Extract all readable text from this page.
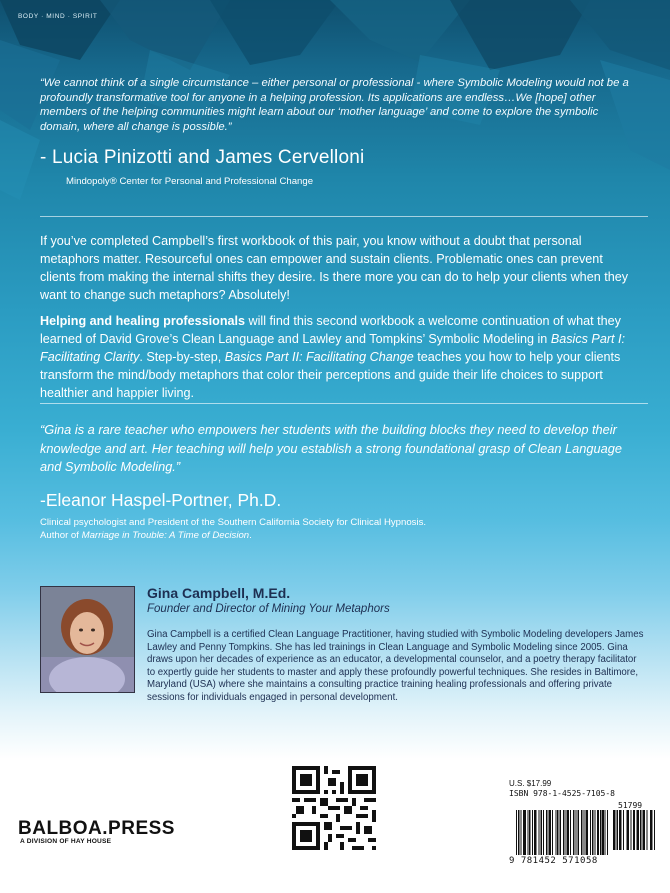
BODY · MIND · SPIRIT
“We cannot think of a single circumstance – either personal or professional - where Symbolic Modeling would not be a profoundly transformative tool for anyone in a helping profession. Its applications are endless…We [hope] other members of the helping communities might learn about our ‘mother language’ and come to explore the symbolic domain, where all change is possible.”
- Lucia Pinizotti and James Cervelloni
Mindopoly® Center for Personal and Professional Change
If you’ve completed Campbell’s first workbook of this pair, you know without a doubt that personal metaphors matter. Resourceful ones can empower and sustain clients. Problematic ones can prevent clients from making the internal shifts they desire. Is there more you can do to help your clients when they want to change such metaphors? Absolutely!
Helping and healing professionals will find this second workbook a welcome continuation of what they learned of David Grove’s Clean Language and Lawley and Tompkins’ Symbolic Modeling in Basics Part I: Facilitating Clarity. Step-by-step, Basics Part II: Facilitating Change teaches you how to help your clients transform the mind/body metaphors that color their perceptions and guide their life choices to support healthier and happier living.
“Gina is a rare teacher who empowers her students with the building blocks they need to develop their knowledge and art. Her teaching will help you establish a strong foundational grasp of Clean Language and Symbolic Modeling.”
-Eleanor Haspel-Portner, Ph.D.
Clinical psychologist and President of the Southern California Society for Clinical Hypnosis.
Author of Marriage in Trouble: A Time of Decision.
Gina Campbell, M.Ed.
Founder and Director of Mining Your Metaphors
Gina Campbell is a certified Clean Language Practitioner, having studied with Symbolic Modeling developers James Lawley and Penny Tompkins. She has led trainings in Clean Language and Symbolic Modeling since 2005. Gina draws upon her decades of experience as an educator, a developmental counselor, and a poetry therapy facilitator to expertly guide her students to master and apply these profoundly powerful techniques. She resides in Baltimore, Maryland (USA) where she maintains a consulting practice training healing professionals and offering private sessions for individuals engaged in personal development.
BALBOA.PRESS
A DIVISION OF HAY HOUSE
U.S. $17.99
ISBN 978-1-4525-7105-8
51799
9 781452 571058
